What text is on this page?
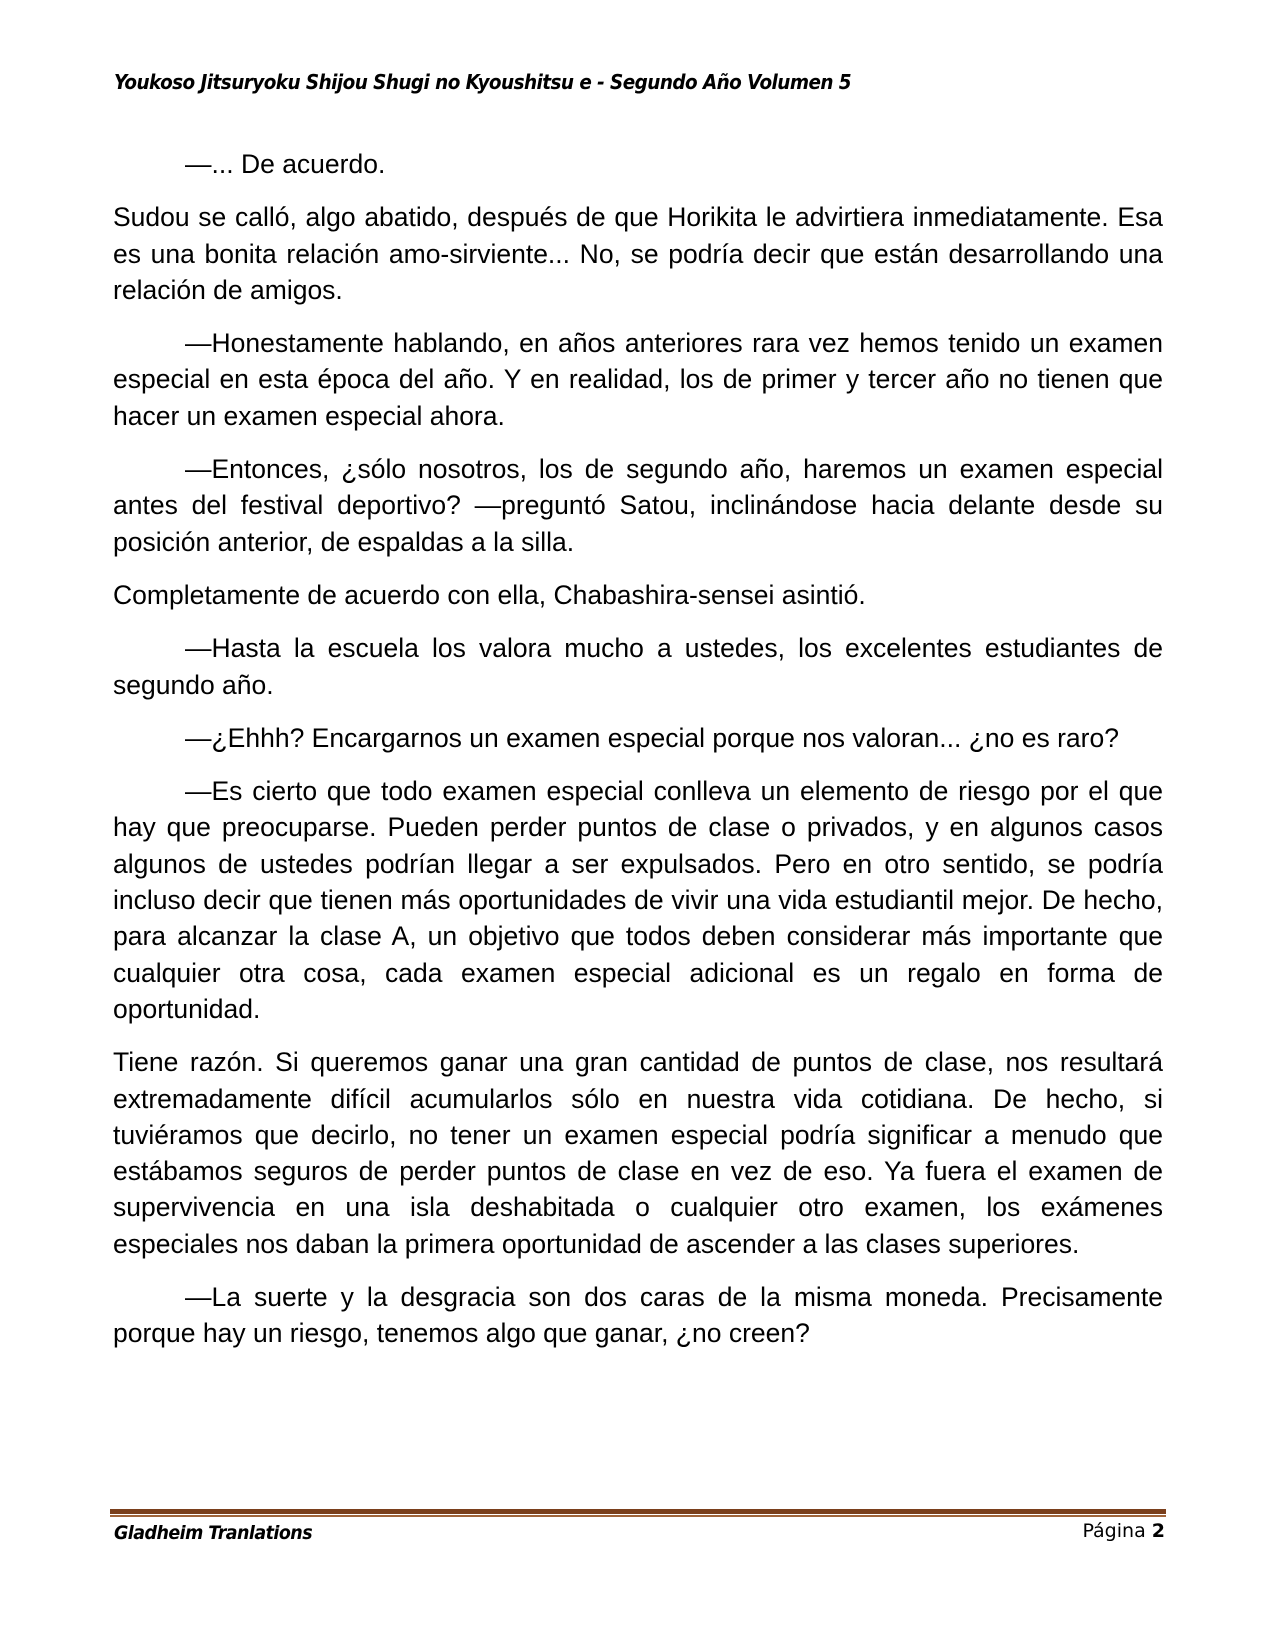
Youkoso Jitsuryoku Shijou Shugi no Kyoushitsu e - Segundo Año Volumen 5

—... De acuerdo.

Sudou se calló, algo abatido, después de que Horikita le advirtiera inmediatamente. Esa es una bonita relación amo-sirviente... No, se podría decir que están desarrollando una relación de amigos.

—Honestamente hablando, en años anteriores rara vez hemos tenido un examen especial en esta época del año. Y en realidad, los de primer y tercer año no tienen que hacer un examen especial ahora.

—Entonces, ¿sólo nosotros, los de segundo año, haremos un examen especial antes del festival deportivo? —preguntó Satou, inclinándose hacia delante desde su posición anterior, de espaldas a la silla.

Completamente de acuerdo con ella, Chabashira-sensei asintió.

—Hasta la escuela los valora mucho a ustedes, los excelentes estudiantes de segundo año.

—¿Ehhh? Encargarnos un examen especial porque nos valoran... ¿no es raro?

—Es cierto que todo examen especial conlleva un elemento de riesgo por el que hay que preocuparse. Pueden perder puntos de clase o privados, y en algunos casos algunos de ustedes podrían llegar a ser expulsados. Pero en otro sentido, se podría incluso decir que tienen más oportunidades de vivir una vida estudiantil mejor. De hecho, para alcanzar la clase A, un objetivo que todos deben considerar más importante que cualquier otra cosa, cada examen especial adicional es un regalo en forma de oportunidad.

Tiene razón. Si queremos ganar una gran cantidad de puntos de clase, nos resultará extremadamente difícil acumularlos sólo en nuestra vida cotidiana. De hecho, si tuviéramos que decirlo, no tener un examen especial podría significar a menudo que estábamos seguros de perder puntos de clase en vez de eso. Ya fuera el examen de supervivencia en una isla deshabitada o cualquier otro examen, los exámenes especiales nos daban la primera oportunidad de ascender a las clases superiores.

—La suerte y la desgracia son dos caras de la misma moneda. Precisamente porque hay un riesgo, tenemos algo que ganar, ¿no creen?

Gladheim Tranlations	Página 2
